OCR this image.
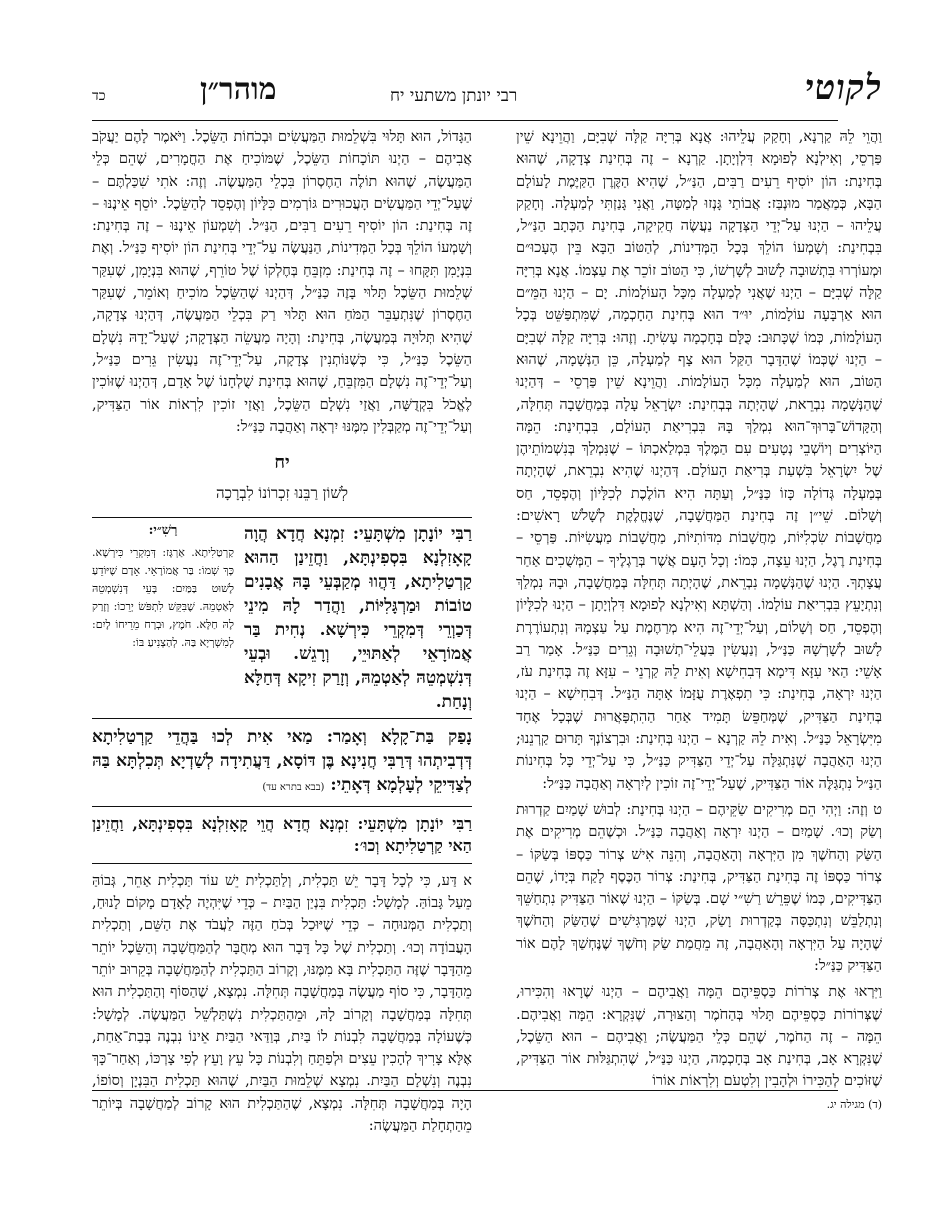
לקוטי
רבי יונתן משתעי יח
מוהר״ן
כד

וַהֲוֵי לֵהּ קַרְנָא, וְחָקַק עֲלֵיהוּ: אֲנָא בְּרִיָּה קַלָּה שְׁבִיָּם, וַהֲוֵינָא שֵׁין פַּרְסֵי, וְאִילְנָא לְפוּמָא דִּלְוְיָתָן. קַרְנָא – זֶה בְּחִינַת צְדָקָה, שֶׁהוּא בְּחִינַת: הוֹן יוֹסִיף רֵעִים רַבִּים, הַנַּ״ל, שֶׁהִיא הַקֶּרֶן הַקַּיֶּמֶת לָעוֹלָם הַבָּא, כְּמַאֲמַר מוּנְבַּז: אֲבוֹתַי גָּנְזוּ לְמַטָּה, וַאֲנִי גָּנַזְתִּי לְמַעְלָה. וְחָקַק עֲלֵיהוּ – הַיְנוּ עַל־יְדֵי הַצְּדָקָה נַעֲשֶׂה חֲקִיקָה, בְּחִינַת הַכְּתָב הַנַּ״ל, בִּבְחִינַת: וְשָׁמְעוֹ הוֹלֵךְ בְּכָל הַמְּדִינוֹת, לְהַטּוֹב הַבָּא בֵּין הֶעָכוּ״ם וּמְעוֹרְרוּ בִּתְשׁוּבָה לָשׁוּב לְשָׁרְשׁוֹ, כִּי הַטּוֹב זוֹכֵר אֶת עַצְמוֹ. אֲנָא בְּרִיָּה קַלָּה שְׁבִיָּם – הַיְנוּ שֶׁאֲנִי לְמַעְלָה מִכָּל הָעוֹלָמוֹת. יָם – הַיְנוּ הַמֵּ״ם הוּא אַרְבָּעָה עוֹלָמוֹת, יוּ״ד הוּא בְּחִינַת הַחָכְמָה, שֶׁמִּתְפַּשֵּׁט בְּכָל הָעוֹלָמוֹת, כְּמוֹ שֶׁכָּתוּב: כֻּלָּם בְּחָכְמָה עָשִׂיתָ. וְזֶהוּ: בְּרִיָּה קַלָּה שְׁבִיָּם – הַיְנוּ שֶׁכְּמוֹ שֶׁהַדָּבָר הַקַּל הוּא צָף לְמַעְלָה, כֵּן הַנְּשָׁמָה, שֶׁהוּא הַטּוֹב, הוּא לְמַעְלָה מִכָּל הָעוֹלָמוֹת. וַהֲוֵינָא שֵׁין פַּרְסֵי – דְּהַיְנוּ שֶׁהַנְּשָׁמָה נִבְרֵאת, שֶׁהָיְתָה בְּבְחִינַת: יִשְׂרָאֵל עָלָה בְּמַחֲשָׁבָה תְּחִלָּה, וְהַקָּדוֹשׁ־בָּרוּךְ־הוּא נִמְלַךְ בָּהּ בִּבְרִיאַת הָעוֹלָם, בִּבְחִינַת: הֵמָּה הַיּוֹצְרִים וְיוֹשְׁבֵי נְטָעִים עִם הַמֶּלֶךְ בִּמְלַאכְתּוֹ – שֶׁנִּמְלַךְ בְּנִשְׁמוֹתֵיהֶן שֶׁל יִשְׂרָאֵל בִּשְׁעַת בְּרִיאַת הָעוֹלָם. דְּהַיְנוּ שֶׁהִיא נִבְרֵאת, שֶׁהָיְתָה בְּמַעְלָה גְּדוֹלָה כָּזוֹ כַּנַּ״ל, וְעַתָּה הִיא הוֹלֶכֶת לְכִלָּיוֹן וְהֶפְסֵד, חַס וְשָׁלוֹם. שֵׁי״ן זֶה בְּחִינַת הַמַּחֲשָׁבָה, שֶׁנֶּחֱלֶקֶת לְשָׁלֹשׁ רָאשִׁים: מַחֲשָׁבוֹת שִׂכְלִיּוֹת, מַחֲשָׁבוֹת מִדּוֹתִיּוֹת, מַחֲשָׁבוֹת מַעֲשִׂיּוֹת. פַּרְסֵי – בְּחִינַת רֶגֶל, הַיְנוּ עֵצָה, כְּמוֹ: וְכָל הָעָם אֲשֶׁר בְּרַגְלֶיךָ – הַמְּשֻׁכִים אַחַר עֲצָתְךָ. הַיְנוּ שֶׁהַנְּשָׁמָה נִבְרֵאת, שֶׁהָיְתָה תְּחִלָּה בְּמַחֲשָׁבָה, וּבָהּ נִמְלַךְ וְנִתְיָעֵץ בִּבְרִיאַת עוֹלָמוֹ. וְהַשְׁתָּא וְאִילְנָא לְפוּמָא דִּלְוְיָתָן – הַיְנוּ לְכִלָּיוֹן וְהֶפְסֵד, חַס וְשָׁלוֹם, וְעַל־יְדֵי־זֶה הִיא מְרַחֶמֶת עַל עַצְמָהּ וְנִתְעוֹרֶרֶת לָשׁוּב לְשָׁרְשָׁהּ כַּנַּ״ל, וְנַעֲשִׂין בַּעֲלֵי־תְשׁוּבָה וְגֵרִים כַּנַּ״ל. אָמַר רַב אָשֵׁי: הַאי עִזָּא דִּימָא דְּבִחִישָׁא וְאִית לֵהּ קַרְנֵי – עִזָּא זֶה בְּחִינַת עֹז, הַיְנוּ יִרְאָה, בְּחִינַת: כִּי תִפְאֶרֶת עֻזָּמוֹ אָתָּה הַנַּ״ל. דְּבִחִישָׁא – הַיְנוּ בְּחִינַת הַצַּדִּיק, שֶׁמְּחַפֵּשׂ תָּמִיד אַחַר הַהִתְפָּאֲרוּת שֶׁבְּכָל אֶחָד מִיִּשְׂרָאֵל כַּנַּ״ל. וְאִית לֵהּ קַרְנָא – הַיְנוּ בְּחִינַת: וּבִרְצוֹנְךָ תָּרוּם קַרְנֵנוּ; הַיְנוּ הָאַהֲבָה שֶׁנִּתְגַּלָּה עַל־יְדֵי הַצַּדִּיק כַּנַּ״ל, כִּי עַל־יְדֵי כָּל בְּחִינוֹת הַנַּ״ל נִתְגַּלֶּה אוֹר הַצַּדִּיק, שֶׁעַל־יְדֵי־זֶה זוֹכִין לְיִרְאָה וְאַהֲבָה כַּנַּ״ל:

ט וְזֶה: וַיְהִי הֵם מְרִיקִים שַׂקֵּיהֶם – הַיְנוּ בְּחִינַת: לְבוּשׁ שָׁמַיִם קַדְרוּת וְשַׂק וְכוּ׳. שָׁמַיִם – הַיְנוּ יִרְאָה וְאַהֲבָה כַּנַּ״ל. וּכְשֶׁהֵם מְרִיקִים אֶת הַשַּׂק וְהַחֹשֶׁךְ מִן הַיִּרְאָה וְהָאַהֲבָה, וְהִנֵּה אִישׁ צְרוֹר כַּסְפּוֹ בְּשַׂקּוֹ – צְרוֹר כַּסְפּוֹ זֶה בְּחִינַת הַצַּדִּיק, בְּחִינַת: צְרוֹר הַכֶּסֶף לָקַח בְּיָדוֹ, שֶׁהֵם הַצַּדִּיקִים, כְּמוֹ שֶׁפֵּרֵשׁ רַשִׁ״י שָׁם. בְּשַׂקּוֹ – הַיְנוּ שֶׁאוֹר הַצַּדִּיק נִתְחַשֵּׁךְ וְנִתְלַבֵּשׁ וְנִתְכַּסָּה בְּקַדְרוּת וָשַׂק, הַיְנוּ שֶׁמַּרְגִּישִׁים שֶׁהַשַּׂק וְהַחֹשֶׁךְ שֶׁהָיָה עַל הַיִּרְאָה וְהָאַהֲבָה, זֶה מֵחֲמַת שַׂק וְחֹשֶׁךְ שֶׁנֶּחְשַׁךְ לָהֶם אוֹר הַצַּדִּיק כַּנַּ״ל:

וַיִּרְאוּ אֶת צְרֹרוֹת כַּסְפֵּיהֶם הֵמָּה וַאֲבִיהֶם – הַיְנוּ שֶׁרָאוּ וְהִכִּירוּ, שֶׁצְּרוֹרוֹת כַּסְפֵּיהֶם תָּלוּי בְּהַחֹמֶר וְהַצּוּרָה, שֶׁנִּקְרָא: הֵמָּה וַאֲבִיהֶם. הֵמָּה – זֶה הַחֹמֶר, שֶׁהֵם כְּלֵי הַמַּעֲשֶׂה; וַאֲבִיהֶם – הוּא הַשֵּׂכֶל, שֶׁנִּקְרָא אָב, בְּחִינַת אָב בְּחָכְמָה, הַיְנוּ כַּנַּ״ל, שֶׁהִתְגַּלּוּת אוֹר הַצַּדִּיק, שֶׁזּוֹכִים לְהַכִּירוֹ וּלְהָבִין וְלִטְעֹם וְלִרְאוֹת אוֹרוֹ

הַגָּדוֹל, הוּא תָּלוּי בִּשְׁלֵמוּת הַמַּעֲשִׂים וּבְכֹחוֹת הַשֵּׂכֶל. וַיֹּאמֶר לָהֶם יַעֲקֹב אֲבִיהֶם – הַיְנוּ תּוֹכָחוֹת הַשֵּׂכֶל, שֶׁמּוֹכִיחַ אֶת הַחֳמָרִים, שֶׁהֵם כְּלֵי הַמַּעֲשֶׂה, שֶׁהוּא תוֹלֶה הַחֶסְרוֹן בִּכְלֵי הַמַּעֲשֶׂה. וְזֶה: אֹתִי שִׁכַּלְתֶּם – שֶׁעַל־יְדֵי הַמַּעֲשִׂים הָעֲכוּרִים גּוֹרְמִים כִּלָּיוֹן וְהֶפְסֵד לְהַשֵּׂכֶל. יוֹסֵף אֵינֶנּוּ – זֶה בְּחִינַת: הוֹן יוֹסִיף רֵעִים רַבִּים, הַנַּ״ל. וְשִׁמְעוֹן אֵינֶנּוּ – זֶה בְּחִינַת: וְשָׁמְעוֹ הוֹלֵךְ בְּכָל הַמְּדִינוֹת, הַנַּעֲשֶׂה עַל־יְדֵי בְּחִינַת הוֹן יוֹסִיף כַּנַּ״ל. וְאֶת בִּנְיָמִן תִּקָּחוּ – זֶה בְּחִינַת: מִזְבֵּחַ בְּחֶלְקוֹ שֶׁל טוֹרֵף, שֶׁהוּא בִּנְיָמִן, שֶׁעִקַּר שְׁלֵמוּת הַשֵּׂכֶל תָּלוּי בָּזֶה כַּנַּ״ל, דְּהַיְנוּ שֶׁהַשֵּׂכֶל מוֹכִיחַ וְאוֹמֵר, שֶׁעִקַּר הַחֶסְרוֹן שֶׁנִּתְעַבֵּר הַמֹּחַ הוּא תָּלוּי רַק בִּכְלֵי הַמַּעֲשֶׂה, דְּהַיְנוּ צְדָקָה, שֶׁהִיא תְּלוּיָה בְּמַעֲשֶׂה, בְּחִינַת: וְהָיָה מַעֲשֵׂה הַצְּדָקָה; שֶׁעַל־יָדָהּ נִשְׁלָם הַשֵּׂכֶל כַּנַּ״ל, כִּי כְּשֶׁנּוֹתְנִין צְדָקָה, עַל־יְדֵי־זֶה נַעֲשִׂין גֵּרִים כַּנַּ״ל, וְעַל־יְדֵי־זֶה נִשְׁלָם הַמִּזְבֵּחַ, שֶׁהוּא בְּחִינַת שֻׁלְחָנוֹ שֶׁל אָדָם, דְּהַיְנוּ שֶׁזּוֹכִין לֶאֱכֹל בִּקְדֻשָּׁה, וַאֲזַי נִשְׁלָם הַשֵּׂכֶל, וַאֲזַי זוֹכִין לִרְאוֹת אוֹר הַצַּדִּיק, וְעַל־יְדֵי־זֶה מְקַבְּלִין מִמֶּנּוּ יִרְאָה וְאַהֲבָה כַּנַּ״ל:

יח
לְשׁוֹן רַבֵּנוּ זִכְרוֹנוֹ לִבְרָכָה
רַבִּי יוֹנָתָן מִשְׁתָּעֵי: זִמְנָא חֲדָא הֲוָה קָאָזִלְנָא בִּסְפִינְתָּא, וַחֲזֵינַן הַהוּא קַרְטַלִיתָא, דַּהֲווּ מְקַבְּעֵי בָּהּ אֲבָנִים טוֹבוֹת וּמַרְגָּלִיּוֹת, וַהֲדַר לָהּ מִינֵי דְּכַוְרֵי דְּמִקְרֵי כִּירְשָׁא. נְחִית בַּר אֲמוֹרָאֵי לְאַתּוּיֵי, וְרָגֵשׁ. וּבְעֵי דְּנִשְׁמְטֵהּ לְאַטְמֵהּ, וְזָרַק זִיקָא דְּחַלָּא וְנָחַת.
רַשִׁ״י:
קַרְטַלִיתָא. אַרְגָּז: דְּמִקְרֵי כִּירְשָׁא. כָּךְ שְׁמוֹ: בַּר אֲמוֹרָאֵי. אָדָם שֶׁיּוֹדֵעַ לָשׁוּט בַּמַּיִם: בָּעֵי דְּנִשְׁמְטֵהּ לְאַטְמֵהּ. שֶׁבִּקֵּשׁ לִתְפֹּשׂ יְרֵכוֹ: וְזָרַק לָהּ חַלָּא. חֹמֶץ, וּבְרָח מֵרֵיחוֹ לָיִם: לְמִשְׁרְיָא בַּהּ. לְהַצְנִיעַ בּוֹ:
נָפַק בַּת־קָלָא וְאָמַר: מַאי אִית לְכוּ בַּהֲדֵי קַרְטַלִיתָא דְּדְבִיתְהוּ דְּרַבִּי חֲנִינָא בֶּן דּוֹסָא, דַּעֲתִידָה לְשַׁדְיָא תְּכִלְתָּא בַּהּ לְצַדִּיקֵי לְעָלְמָא דְּאָתֵי: (בבא בתרא עד)

רַבִּי יוֹנָתָן מִשְׁתָּעֵי: זִמְנָא חֲדָא הֲוֵי קָאָזִלְנָא בִּסְפִינְתָּא, וַחֲזֵינַן הַאי קַרְטַלִיתָא וְכוּ׳:

א דַּע, כִּי לְכָל דָּבָר יֵשׁ תַּכְלִית, וְלַתַּכְלִית יֵשׁ עוֹד תַּכְלִית אַחֵר, גְּבוֹהַּ מֵעַל גָּבוֹהַּ. לְמָשָׁל: תַּכְלִית בִּנְיַן הַבַּיִת – כְּדֵי שֶׁיִּהְיֶה לָאָדָם מָקוֹם לָנוּחַ, וְתַכְלִית הַמְּנוּחָה – כְּדֵי שֶׁיּוּכַל בְּכֹחַ הַזֶּה לַעֲבֹד אֶת הַשֵּׁם, וְתַכְלִית הָעֲבוֹדָה וְכוּ׳. וְתַכְלִית שֶׁל כָּל דָּבָר הוּא מְחֻבָּר לְהַמַּחֲשָׁבָה וְהַשֵּׂכֶל יוֹתֵר מֵהַדָּבָר שֶׁזֶּה הַתַּכְלִית בָּא מִמֶּנּוּ, וְקָרוֹב הַתַּכְלִית לְהַמַּחֲשָׁבָה בְּקֵרוּב יוֹתֵר מֵהַדָּבָר, כִּי סוֹף מַעֲשֶׂה בְּמַחֲשָׁבָה תְּחִלָּה. נִמְצָא, שֶׁהַסּוֹף וְהַתַּכְלִית הוּא תְּחִלָּה בְּמַחֲשָׁבָה וְקָרוֹב לָהּ, וּמֵהַתַּכְלִית נִשְׁתַּלְשֵׁל הַמַּעֲשֶׂה. לְמָשָׁל: כְּשֶׁעוֹלָה בְּמַחֲשָׁבָה לִבְנוֹת לוֹ בַּיִת, בְּוַדַּאי הַבַּיִת אֵינוֹ נִבְנֶה בְּבַת־אַחַת, אֶלָּא צָרִיךְ לְהָכִין עֵצִים וּלְפַתֵּחַ וְלִבְנוֹת כָּל עֵץ וָעֵץ לְפִי צָרְכּוֹ, וְאַחַר־כָּךְ נִבְנֶה וְנִשְׁלָם הַבַּיִת. נִמְצָא שְׁלֵמוּת הַבַּיִת, שֶׁהוּא תַּכְלִית הַבִּנְיָן וְסוֹפוֹ, הָיָה בְּמַחֲשָׁבָה תְּחִלָּה. נִמְצָא, שֶׁהַתַּכְלִית הוּא קָרוֹב לְמַחֲשָׁבָה בְּיוֹתֵר מֵהַתְחָלַת הַמַּעֲשֶׂה:

(ד) מגילה יג.
